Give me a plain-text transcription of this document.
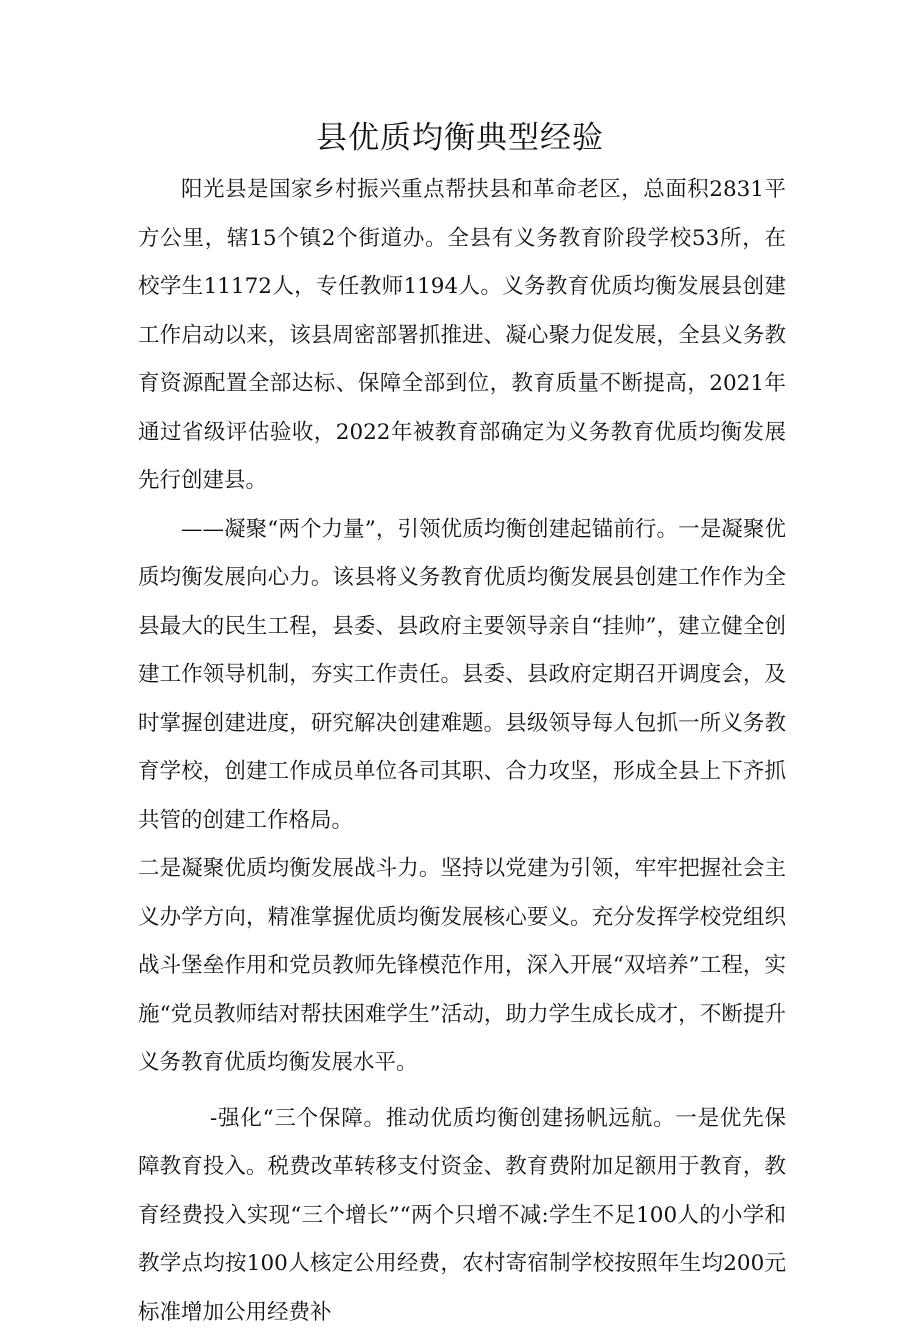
县优质均衡典型经验

阳光县是国家乡村振兴重点帮扶县和革命老区，总面积2831平方公里，辖15个镇2个街道办。全县有义务教育阶段学校53所，在校学生11172人，专任教师1194人。义务教育优质均衡发展县创建工作启动以来，该县周密部署抓推进、凝心聚力促发展，全县义务教育资源配置全部达标、保障全部到位，教育质量不断提高，2021年通过省级评估验收，2022年被教育部确定为义务教育优质均衡发展先行创建县。

——凝聚“两个力量”，引领优质均衡创建起锚前行。一是凝聚优质均衡发展向心力。该县将义务教育优质均衡发展县创建工作作为全县最大的民生工程，县委、县政府主要领导亲自“挂帅”，建立健全创建工作领导机制，夯实工作责任。县委、县政府定期召开调度会，及时掌握创建进度，研究解决创建难题。县级领导每人包抓一所义务教育学校，创建工作成员单位各司其职、合力攻坚，形成全县上下齐抓共管的创建工作格局。

二是凝聚优质均衡发展战斗力。坚持以党建为引领，牢牢把握社会主义办学方向，精准掌握优质均衡发展核心要义。充分发挥学校党组织战斗堡垒作用和党员教师先锋模范作用，深入开展“双培养”工程，实施“党员教师结对帮扶困难学生”活动，助力学生成长成才，不断提升义务教育优质均衡发展水平。

-强化“三个保障。推动优质均衡创建扬帆远航。一是优先保障教育投入。税费改革转移支付资金、教育费附加足额用于教育，教育经费投入实现“三个增长”“两个只增不减:学生不足100人的小学和教学点均按100人核定公用经费，农村寄宿制学校按照年生均200元标准增加公用经费补
